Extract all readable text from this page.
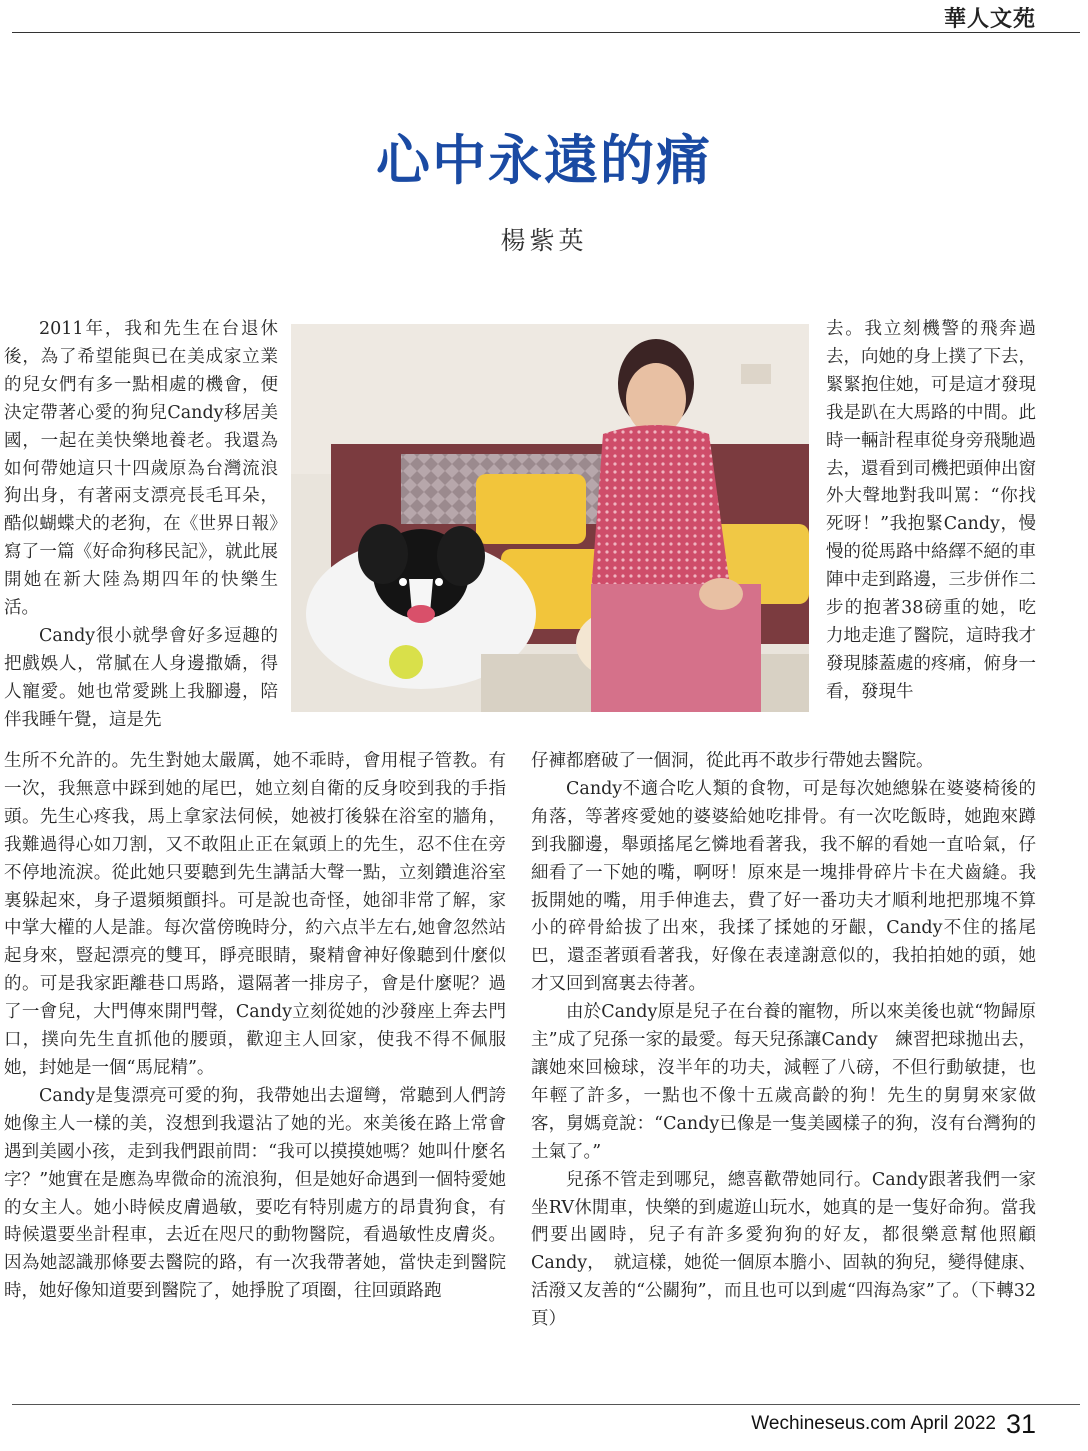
華人文苑
心中永遠的痛
楊紫英

2011年，我和先生在台退休後，為了希望能與已在美成家立業的兒女們有多一點相處的機會，便決定帶著心愛的狗兒Candy移居美國，一起在美快樂地養老。我還為如何帶她這只十四歲原為台灣流浪狗出身，有著兩支漂亮長毛耳朵，酷似蝴蝶犬的老狗，在《世界日報》寫了一篇《好命狗移民記》，就此展開她在新大陸為期四年的快樂生活。

Candy很小就學會好多逗趣的把戲娛人，常膩在人身邊撒嬌，得人寵愛。她也常愛跳上我腳邊，陪伴我睡午覺，這是先

去。我立刻機警的飛奔過去，向她的身上撲了下去，緊緊抱住她，可是這才發現我是趴在大馬路的中間。此時一輛計程車從身旁飛馳過去，還看到司機把頭伸出窗外大聲地對我叫罵：“你找死呀！”我抱緊Candy，慢慢的從馬路中絡繹不絕的車陣中走到路邊，三步併作二步的抱著38磅重的她，吃力地走進了醫院，這時我才發現膝蓋處的疼痛，俯身一看，發現牛

生所不允許的。先生對她太嚴厲，她不乖時，會用棍子管教。有一次，我無意中踩到她的尾巴，她立刻自衛的反身咬到我的手指頭。先生心疼我，馬上拿家法伺候，她被打後躲在浴室的牆角，我難過得心如刀割，又不敢阻止正在氣頭上的先生，忍不住在旁不停地流淚。從此她只要聽到先生講話大聲一點，立刻鑽進浴室裏躲起來，身子還頻頻顫抖。可是說也奇怪，她卻非常了解，家中掌大權的人是誰。每次當傍晚時分，約六点半左右,她會忽然站起身來，豎起漂亮的雙耳，睜亮眼睛，聚精會神好像聽到什麼似的。可是我家距離巷口馬路，還隔著一排房子，會是什麼呢？過了一會兒，大門傳來開門聲，Candy立刻從她的沙發座上奔去門口，撲向先生直抓他的腰頭，歡迎主人回家，使我不得不佩服她，封她是一個“馬屁精”。

Candy是隻漂亮可愛的狗，我帶她出去遛彎，常聽到人們誇她像主人一樣的美，沒想到我還沾了她的光。來美後在路上常會遇到美國小孩，走到我們跟前問：“我可以摸摸她嗎？她叫什麼名字？”她實在是應為卑微命的流浪狗，但是她好命遇到一個特愛她的女主人。她小時候皮膚過敏，要吃有特別處方的昂貴狗食，有時候還要坐計程車，去近在咫尺的動物醫院，看過敏性皮膚炎。因為她認識那條要去醫院的路，有一次我帶著她，當快走到醫院時，她好像知道要到醫院了，她掙脫了項圈，往回頭路跑

仔褲都磨破了一個洞，從此再不敢步行帶她去醫院。

Candy不適合吃人類的食物，可是每次她總躲在婆婆椅後的角落，等著疼愛她的婆婆給她吃排骨。有一次吃飯時，她跑來蹲到我腳邊，舉頭搖尾乞憐地看著我，我不解的看她一直哈氣，仔細看了一下她的嘴，啊呀！原來是一塊排骨碎片卡在犬齒縫。我扳開她的嘴，用手伸進去，費了好一番功夫才順利地把那塊不算小的碎骨給拔了出來，我揉了揉她的牙齦，Candy不住的搖尾巴，還歪著頭看著我，好像在表達謝意似的，我拍拍她的頭，她才又回到窩裏去待著。

由於Candy原是兒子在台養的寵物，所以來美後也就“物歸原主”成了兒孫一家的最愛。每天兒孫讓Candy　練習把球拋出去，讓她來回檢球，沒半年的功夫，減輕了八磅，不但行動敏捷，也年輕了許多，一點也不像十五歲高齡的狗！先生的舅舅來家做客，舅媽竟說：“Candy已像是一隻美國樣子的狗，沒有台灣狗的土氣了。”

兒孫不管走到哪兒，總喜歡帶她同行。Candy跟著我們一家坐RV休閒車，快樂的到處遊山玩水，她真的是一隻好命狗。當我們要出國時，兒子有許多愛狗狗的好友，都很樂意幫他照顧Candy，　就這樣，她從一個原本膽小、固執的狗兒，變得健康、活潑又友善的“公關狗”，而且也可以到處“四海為家”了。（下轉32頁）

Wechineseus.com April 2022 31
